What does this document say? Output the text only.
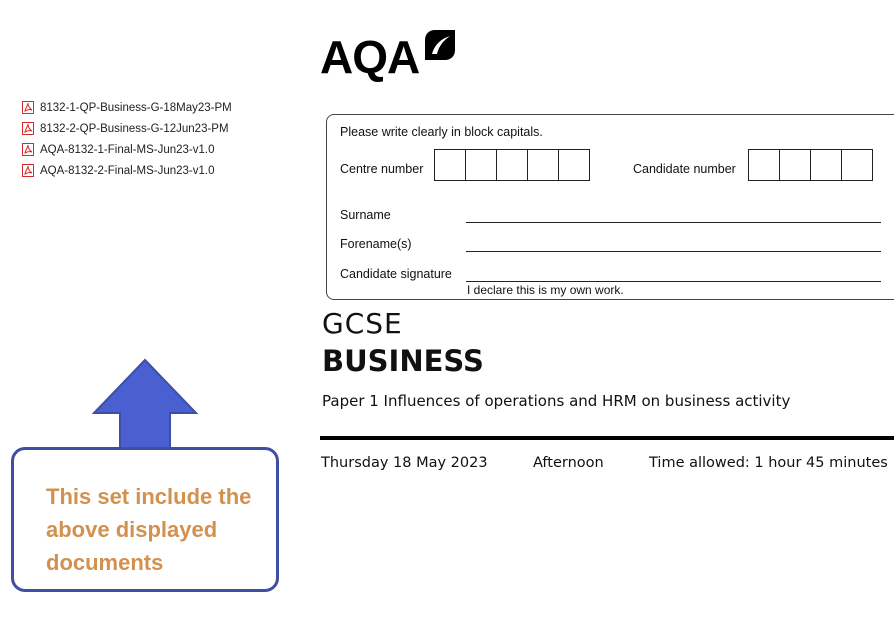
8132-1-QP-Business-G-18May23-PM
8132-2-QP-Business-G-12Jun23-PM
AQA-8132-1-Final-MS-Jun23-v1.0
AQA-8132-2-Final-MS-Jun23-v1.0
AQA
Please write clearly in block capitals.
Centre number	Candidate number
Surname
Forename(s)
Candidate signature
I declare this is my own work.
GCSE
BUSINESS
Paper 1 Influences of operations and HRM on business activity
Thursday 18 May 2023	Afternoon	Time allowed: 1 hour 45 minutes
This set include the above displayed documents
